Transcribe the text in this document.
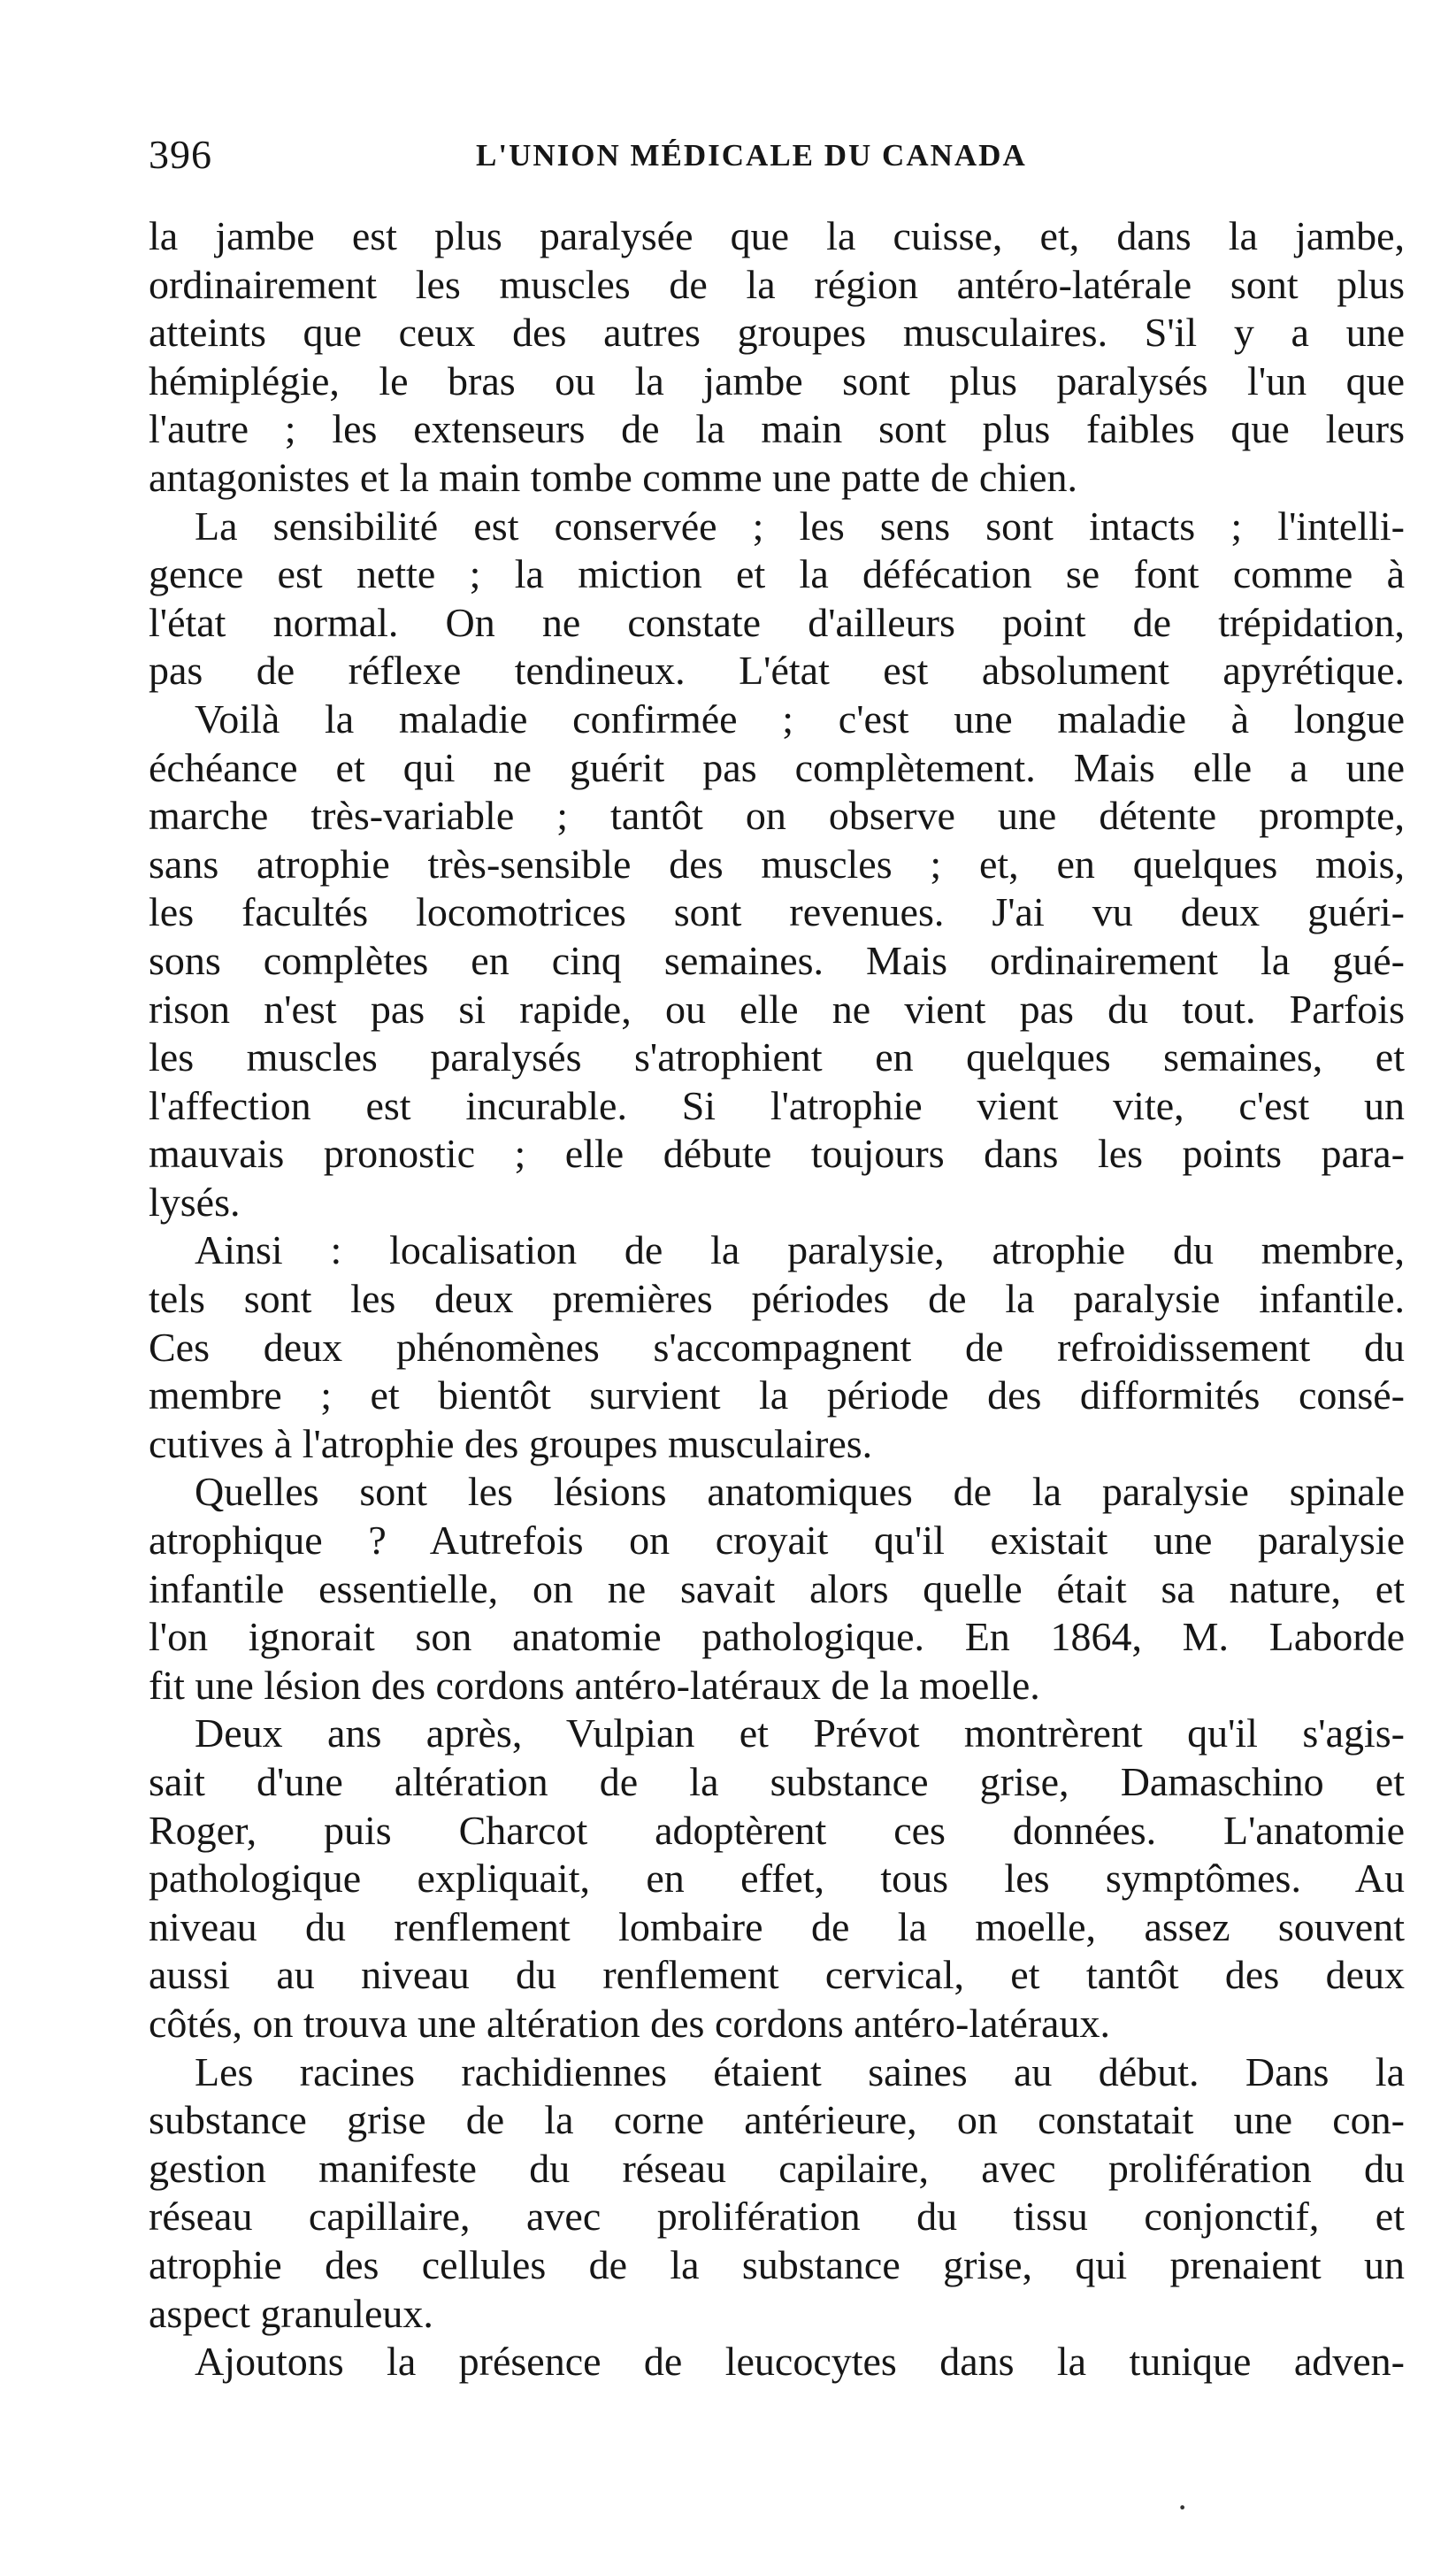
396	L'UNION MÉDICALE DU CANADA
la jambe est plus paralysée que la cuisse, et, dans la jambe,
ordinairement les muscles de la région antéro-latérale sont plus
atteints que ceux des autres groupes musculaires. S'il y a une
hémiplégie, le bras ou la jambe sont plus paralysés l'un que
l'autre ; les extenseurs de la main sont plus faibles que leurs
antagonistes et la main tombe comme une patte de chien.
La sensibilité est conservée ; les sens sont intacts ; l'intelli-
gence est nette ; la miction et la défécation se font comme à
l'état normal. On ne constate d'ailleurs point de trépidation,
pas de réflexe tendineux. L'état est absolument apyrétique.
Voilà la maladie confirmée ; c'est une maladie à longue
échéance et qui ne guérit pas complètement. Mais elle a une
marche très-variable ; tantôt on observe une détente prompte,
sans atrophie très-sensible des muscles ; et, en quelques mois,
les facultés locomotrices sont revenues. J'ai vu deux guéri-
sons complètes en cinq semaines. Mais ordinairement la gué-
rison n'est pas si rapide, ou elle ne vient pas du tout. Parfois
les muscles paralysés s'atrophient en quelques semaines, et
l'affection est incurable. Si l'atrophie vient vite, c'est un
mauvais pronostic ; elle débute toujours dans les points para-
lysés.
Ainsi : localisation de la paralysie, atrophie du membre,
tels sont les deux premières périodes de la paralysie infantile.
Ces deux phénomènes s'accompagnent de refroidissement du
membre ; et bientôt survient la période des difformités consé-
cutives à l'atrophie des groupes musculaires.
Quelles sont les lésions anatomiques de la paralysie spinale
atrophique ? Autrefois on croyait qu'il existait une paralysie
infantile essentielle, on ne savait alors quelle était sa nature, et
l'on ignorait son anatomie pathologique. En 1864, M. Laborde
fit une lésion des cordons antéro-latéraux de la moelle.
Deux ans après, Vulpian et Prévot montrèrent qu'il s'agis-
sait d'une altération de la substance grise, Damaschino et
Roger, puis Charcot adoptèrent ces données. L'anatomie
pathologique expliquait, en effet, tous les symptômes. Au
niveau du renflement lombaire de la moelle, assez souvent
aussi au niveau du renflement cervical, et tantôt des deux
côtés, on trouva une altération des cordons antéro-latéraux.
Les racines rachidiennes étaient saines au début. Dans la
substance grise de la corne antérieure, on constatait une con-
gestion manifeste du réseau capilaire, avec prolifération du
réseau capillaire, avec prolifération du tissu conjonctif, et
atrophie des cellules de la substance grise, qui prenaient un
aspect granuleux.
Ajoutons la présence de leucocytes dans la tunique adven-
·
